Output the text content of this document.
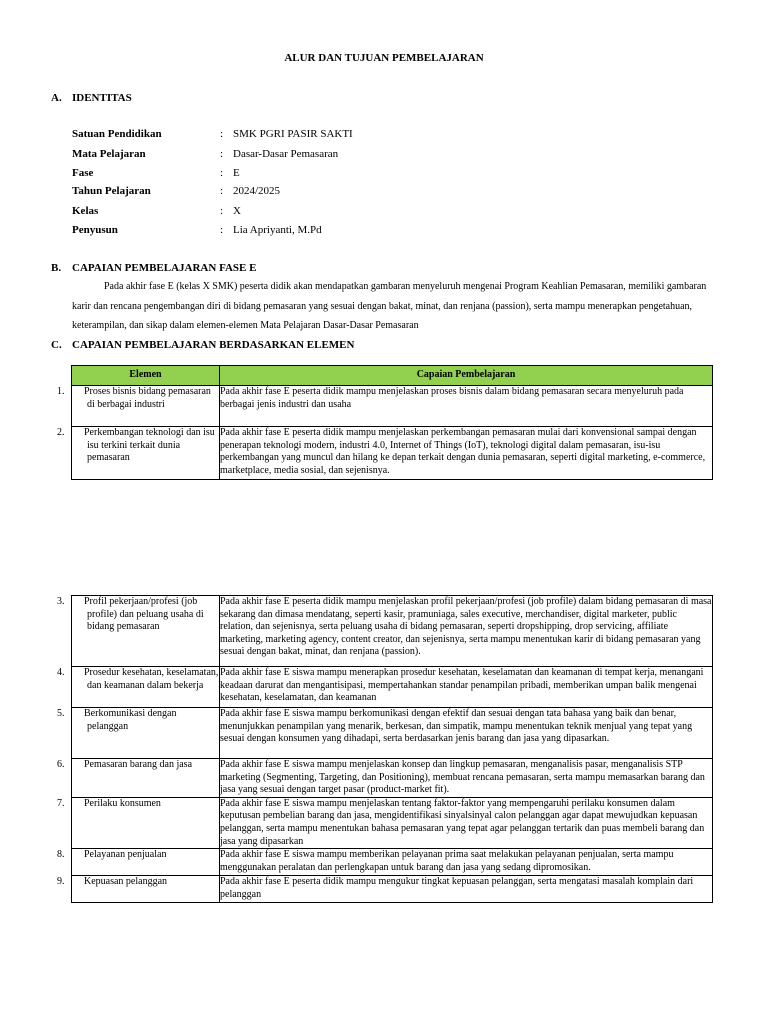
ALUR DAN TUJUAN PEMBELAJARAN
A. IDENTITAS
Satuan Pendidikan	: SMK PGRI PASIR SAKTI
Mata Pelajaran	: Dasar-Dasar Pemasaran
Fase	: E
Tahun Pelajaran	: 2024/2025
Kelas	: X
Penyusun	: Lia Apriyanti, M.Pd
B. CAPAIAN PEMBELAJARAN FASE E
Pada akhir fase E (kelas X SMK) peserta didik akan mendapatkan gambaran menyeluruh mengenai Program Keahlian Pemasaran, memiliki gambaran karir dan rencana pengembangan diri di bidang pemasaran yang sesuai dengan bakat, minat, dan renjana (passion), serta mampu menerapkan pengetahuan, keterampilan, dan sikap dalam elemen-elemen Mata Pelajaran Dasar-Dasar Pemasaran
C. CAPAIAN PEMBELAJARAN BERDASARKAN ELEMEN
Elemen	Capaian Pembelajaran

1. Proses bisnis bidang pemasaran di berbagai industri	Pada akhir fase E peserta didik mampu menjelaskan proses bisnis dalam bidang pemasaran secara menyeluruh pada berbagai jenis industri dan usaha

2. Perkembangan teknologi dan isu isu terkini terkait dunia pemasaran	Pada akhir fase E peserta didik mampu menjelaskan perkembangan pemasaran mulai dari konvensional sampai dengan penerapan teknologi modern, industri 4.0, Internet of Things (IoT), teknologi digital dalam pemasaran, isu-isu perkembangan yang muncul dan hilang ke depan terkait dengan dunia pemasaran, seperti digital marketing, e-commerce, marketplace, media sosial, dan sejenisnya.
3. Profil pekerjaan/profesi (job profile) dan peluang usaha di bidang pemasaran	Pada akhir fase E peserta didik mampu menjelaskan profil pekerjaan/profesi (job profile) dalam bidang pemasaran di masa sekarang dan dimasa mendatang, seperti kasir, pramuniaga, sales executive, merchandiser, digital marketer, public relation, dan sejenisnya, serta peluang usaha di bidang pemasaran, seperti dropshipping, drop servicing, affiliate marketing, marketing agency, content creator, dan sejenisnya, serta mampu menentukan karir di bidang pemasaran yang sesuai dengan bakat, minat, dan renjana (passion).

4. Prosedur kesehatan, keselamatan, dan keamanan dalam bekerja	Pada akhir fase E siswa mampu menerapkan prosedur kesehatan, keselamatan dan keamanan di tempat kerja, menangani keadaan darurat dan mengantisipasi, mempertahankan standar penampilan pribadi, memberikan umpan balik mengenai kesehatan, keselamatan, dan keamanan

5. Berkomunikasi dengan pelanggan	Pada akhir fase E siswa mampu berkomunikasi dengan efektif dan sesuai dengan tata bahasa yang baik dan benar, menunjukkan penampilan yang menarik, berkesan, dan simpatik, mampu menentukan teknik menjual yang tepat yang sesuai dengan konsumen yang dihadapi, serta berdasarkan jenis barang dan jasa yang dipasarkan.

6. Pemasaran barang dan jasa	Pada akhir fase E siswa mampu menjelaskan konsep dan lingkup pemasaran, menganalisis pasar, menganalisis STP marketing (Segmenting, Targeting, dan Positioning), membuat rencana pemasaran, serta mampu memasarkan barang dan jasa yang sesuai dengan target pasar (product-market fit).

7. Perilaku konsumen	Pada akhir fase E siswa mampu menjelaskan tentang faktor-faktor yang mempengaruhi perilaku konsumen dalam keputusan pembelian barang dan jasa, mengidentifikasi sinyalsinyal calon pelanggan agar dapat mewujudkan kepuasan pelanggan, serta mampu menentukan bahasa pemasaran yang tepat agar pelanggan tertarik dan puas membeli barang dan jasa yang dipasarkan

8. Pelayanan penjualan	Pada akhir fase E siswa mampu memberikan pelayanan prima saat melakukan pelayanan penjualan, serta mampu menggunakan peralatan dan perlengkapan untuk barang dan jasa yang sedang dipromosikan.

9. Kepuasan pelanggan	Pada akhir fase E peserta didik mampu mengukur tingkat kepuasan pelanggan, serta mengatasi masalah komplain dari pelanggan
